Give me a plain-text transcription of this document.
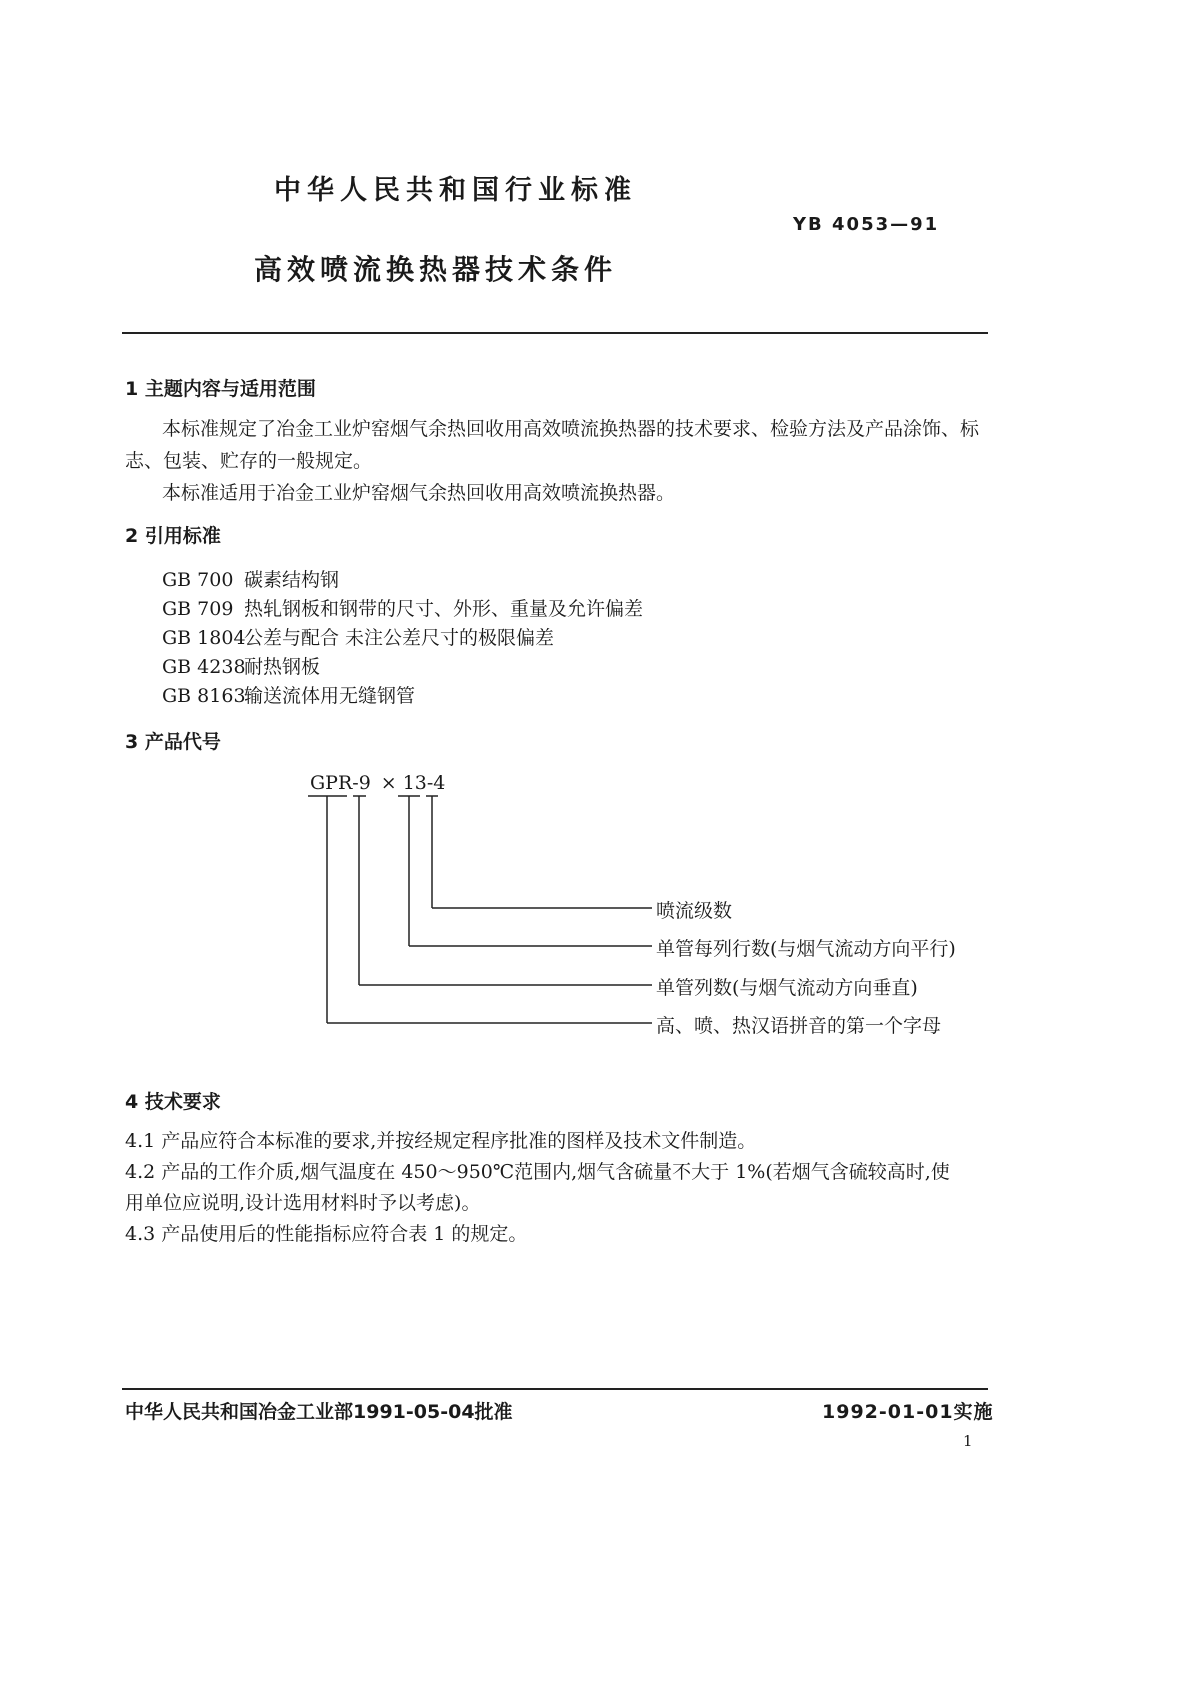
中华人民共和国行业标准
YB 4053—91
高效喷流换热器技术条件
1 主题内容与适用范围
本标准规定了冶金工业炉窑烟气余热回收用高效喷流换热器的技术要求、检验方法及产品涂饰、标
志、包装、贮存的一般规定。
本标准适用于冶金工业炉窑烟气余热回收用高效喷流换热器。
2 引用标准
GB 700 碳素结构钢
GB 709 热轧钢板和钢带的尺寸、外形、重量及允许偏差
GB 1804公差与配合 未注公差尺寸的极限偏差
GB 4238耐热钢板
GB 8163输送流体用无缝钢管
3 产品代号
GPR-9 × 13-4
喷流级数
单管每列行数(与烟气流动方向平行)
单管列数(与烟气流动方向垂直)
高、喷、热汉语拼音的第一个字母
4 技术要求
4.1 产品应符合本标准的要求,并按经规定程序批准的图样及技术文件制造。
4.2 产品的工作介质,烟气温度在 450～950℃范围内,烟气含硫量不大于 1%(若烟气含硫较高时,使
用单位应说明,设计选用材料时予以考虑)。
4.3 产品使用后的性能指标应符合表 1 的规定。
中华人民共和国冶金工业部1991-05-04批准	1992-01-01实施
1
